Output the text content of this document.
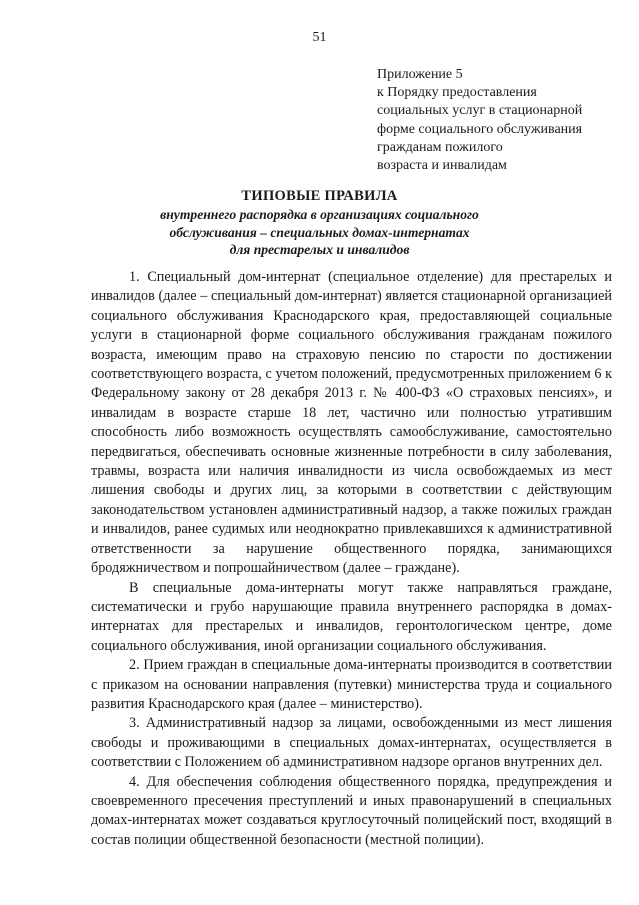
51
Приложение 5
к Порядку предоставления
социальных услуг в стационарной
форме социального обслуживания
гражданам пожилого
возраста и инвалидам
ТИПОВЫЕ ПРАВИЛА
внутреннего распорядка в организациях социального
обслуживания – специальных домах-интернатах
для престарелых и инвалидов

1. Специальный дом-интернат (специальное отделение) для престарелых и инвалидов (далее – специальный дом-интернат) является стационарной организацией социального обслуживания Краснодарского края, предоставляющей социальные услуги в стационарной форме социального обслуживания гражданам пожилого возраста, имеющим право на страховую пенсию по старости по достижении соответствующего возраста, с учетом положений, предусмотренных приложением 6 к Федеральному закону от 28 декабря 2013 г. № 400-ФЗ «О страховых пенсиях», и инвалидам в возрасте старше 18 лет, частично или полностью утратившим способность либо возможность осуществлять самообслуживание, самостоятельно передвигаться, обеспечивать основные жизненные потребности в силу заболевания, травмы, возраста или наличия инвалидности из числа освобождаемых из мест лишения свободы и других лиц, за которыми в соответствии с действующим законодательством установлен административный надзор, а также пожилых граждан и инвалидов, ранее судимых или неоднократно привлекавшихся к административной ответственности за нарушение общественного порядка, занимающихся бродяжничеством и попрошайничеством (далее – граждане).

В специальные дома-интернаты могут также направляться граждане, систематически и грубо нарушающие правила внутреннего распорядка в домах-интернатах для престарелых и инвалидов, геронтологическом центре, доме социального обслуживания, иной организации социального обслуживания.

2. Прием граждан в специальные дома-интернаты производится в соответствии с приказом на основании направления (путевки) министерства труда и социального развития Краснодарского края (далее – министерство).

3. Административный надзор за лицами, освобожденными из мест лишения свободы и проживающими в специальных домах-интернатах, осуществляется в соответствии с Положением об административном надзоре органов внутренних дел.

4. Для обеспечения соблюдения общественного порядка, предупреждения и своевременного пресечения преступлений и иных правонарушений в специальных домах-интернатах может создаваться круглосуточный полицейский пост, входящий в состав полиции общественной безопасности (местной полиции).
